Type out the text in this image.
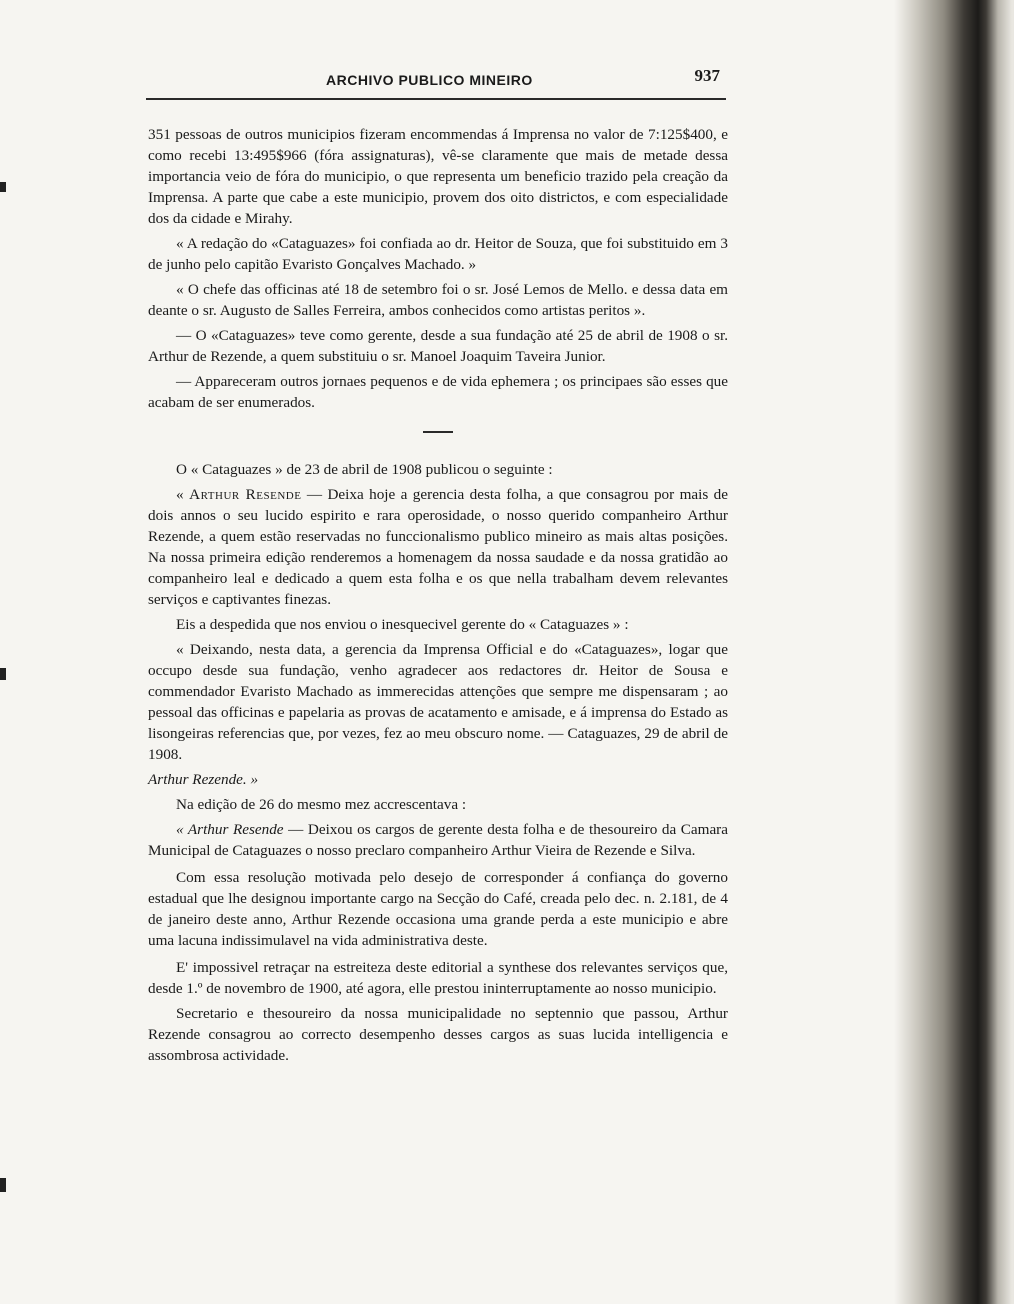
ARCHIVO PUBLICO MINEIRO	937

351 pessoas de outros municipios fizeram encommendas á Imprensa no valor de 7:125$400, e como recebi 13:495$966 (fóra assignaturas), vê-se claramente que mais de metade dessa importancia veio de fóra do municipio, o que representa um beneficio trazido pela creação da Imprensa. A parte que cabe a este municipio, provem dos oito districtos, e com especialidade dos da cidade e Mirahy.

« A redação do «Cataguazes» foi confiada ao dr. Heitor de Souza, que foi substituido em 3 de junho pelo capitão Evaristo Gonçalves Machado. »

« O chefe das officinas até 18 de setembro foi o sr. José Lemos de Mello. e dessa data em deante o sr. Augusto de Salles Ferreira, ambos conhecidos como artistas peritos ».

— O «Cataguazes» teve como gerente, desde a sua fundação até 25 de abril de 1908 o sr. Arthur de Rezende, a quem substituiu o sr. Manoel Joaquim Taveira Junior.

— Appareceram outros jornaes pequenos e de vida ephemera ; os principaes são esses que acabam de ser enumerados.

O « Cataguazes » de 23 de abril de 1908 publicou o seguinte :

« Arthur Resende — Deixa hoje a gerencia desta folha, a que consagrou por mais de dois annos o seu lucido espirito e rara operosidade, o nosso querido companheiro Arthur Rezende, a quem estão reservadas no funccionalismo publico mineiro as mais altas posições. Na nossa primeira edição renderemos a homenagem da nossa saudade e da nossa gratidão ao companheiro leal e dedicado a quem esta folha e os que nella trabalham devem relevantes serviços e captivantes finezas.

Eis a despedida que nos enviou o inesquecivel gerente do « Cataguazes » :

« Deixando, nesta data, a gerencia da Imprensa Official e do «Cataguazes», logar que occupo desde sua fundação, venho agradecer aos redactores dr. Heitor de Sousa e commendador Evaristo Machado as immerecidas attenções que sempre me dispensaram ; ao pessoal das officinas e papelaria as provas de acatamento e amisade, e á imprensa do Estado as lisongeiras referencias que, por vezes, fez ao meu obscuro nome. — Cataguazes, 29 de abril de 1908.

Arthur Rezende. »

Na edição de 26 do mesmo mez accrescentava :

« Arthur Resende — Deixou os cargos de gerente desta folha e de thesoureiro da Camara Municipal de Cataguazes o nosso preclaro companheiro Arthur Vieira de Rezende e Silva.

Com essa resolução motivada pelo desejo de corresponder á confiança do governo estadual que lhe designou importante cargo na Secção do Café, creada pelo dec. n. 2.181, de 4 de janeiro deste anno, Arthur Rezende occasiona uma grande perda a este municipio e abre uma lacuna indissimulavel na vida administrativa deste.

E' impossivel retraçar na estreiteza deste editorial a synthese dos relevantes serviços que, desde 1.º de novembro de 1900, até agora, elle prestou ininterruptamente ao nosso municipio.

Secretario e thesoureiro da nossa municipalidade no septennio que passou, Arthur Rezende consagrou ao correcto desempenho desses cargos as suas lucida intelligencia e assombrosa actividade.
